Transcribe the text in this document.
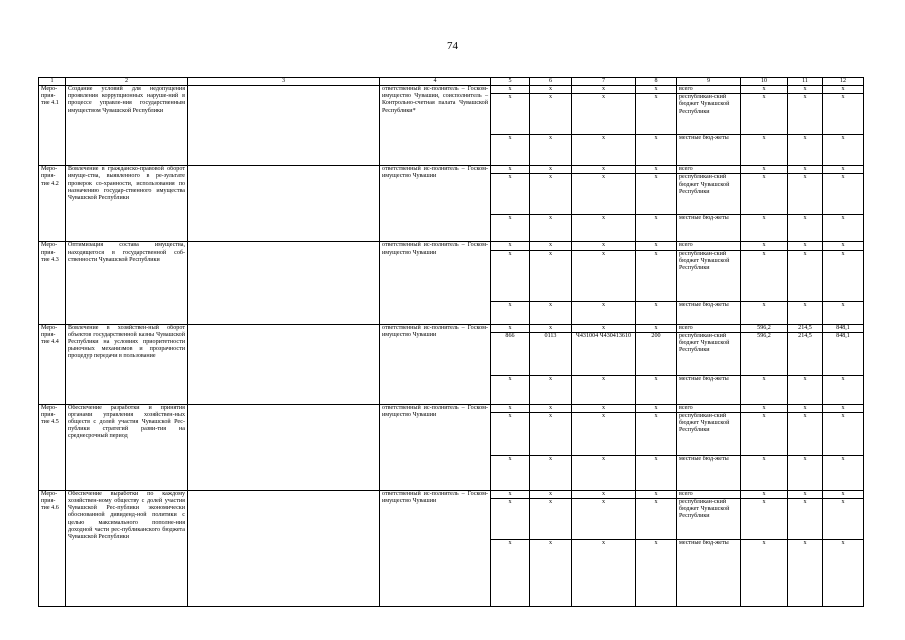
74
1	2	3	4	5	6	7	8	9	10	11	12
Меро-прия-тие 4.1	Создание условий для недопущения проявления коррупционных наруше-ний в процессе управле-ния государственным имуществом Чувашской Республики		ответственный ис-полнитель – Госком-имущество Чувашии, соисполнитель – Контрольно-счетная палата Чувашской Республики*	х	х	х	х	всего	х	х	х
				х	х	х	х	республикан-ский бюджет Чувашской Республики	х	х	х
				х	х	х	х	местные бюд-жеты	х	х	х
Меро-прия-тие 4.2	Вовлечение в гражданско-правовой оборот имуще-ства, выявленного в ре-зультате проверок со-хранности, использования по назначению государ-ственного имущества Чувашской Республики		ответственный ис-полнитель – Госком-имущество Чувашии	х	х	х	х	всего	х	х	х
				х	х	х	х	республикан-ский бюджет Чувашской Республики	х	х	х
				х	х	х	х	местные бюд-жеты	х	х	х
Меро-прия-тие 4.3	Оптимизация состава имущества, находящегося в государственной соб-ственности Чувашской Республики		ответственный ис-полнитель – Госком-имущество Чувашии	х	х	х	х	всего	х	х	х
				х	х	х	х	республикан-ский бюджет Чувашской Республики	х	х	х
				х	х	х	х	местные бюд-жеты	х	х	х
Меро-прия-тие 4.4	Вовлечение в хозяйствен-ный оборот объектов государственной казны Чувашской Республики на условиях приоритетности рыночных механизмов и прозрачности процедур передачи в пользование		ответственный ис-полнитель – Госком-имущество Чувашии	х	х	х	х	всего	596,2	214,5	848,1
				866	0113	Ч431004 Ч430413610	200	республикан-ский бюджет Чувашской Республики	596,2	214,5	848,1
				х	х	х	х	местные бюд-жеты	х	х	х
Меро-прия-тие 4.5	Обеспечение разработки и принятия органами управления хозяйствен-ных обществ с долей участия Чувашской Рес-публики стратегий разви-тия на среднесрочный период		ответственный ис-полнитель – Госком-имущество Чувашии	х	х	х	х	всего	х	х	х
				х	х	х	х	республикан-ский бюджет Чувашской Республики	х	х	х
				х	х	х	х	местные бюд-жеты	х	х	х
Меро-прия-тие 4.6	Обеспечение выработки по каждому хозяйствен-ному обществу с долей участия Чувашской Рес-публики экономически обоснованной дивиденд-ной политики с целью максимального пополне-ния доходной части рес-публиканского бюджета Чувашской Республики		ответственный ис-полнитель – Госком-имущество Чувашии	х	х	х	х	всего	х	х	х
				х	х	х	х	республикан-ский бюджет Чувашской Республики	х	х	х
				х	х	х	х	местные бюд-жеты	х	х	х
